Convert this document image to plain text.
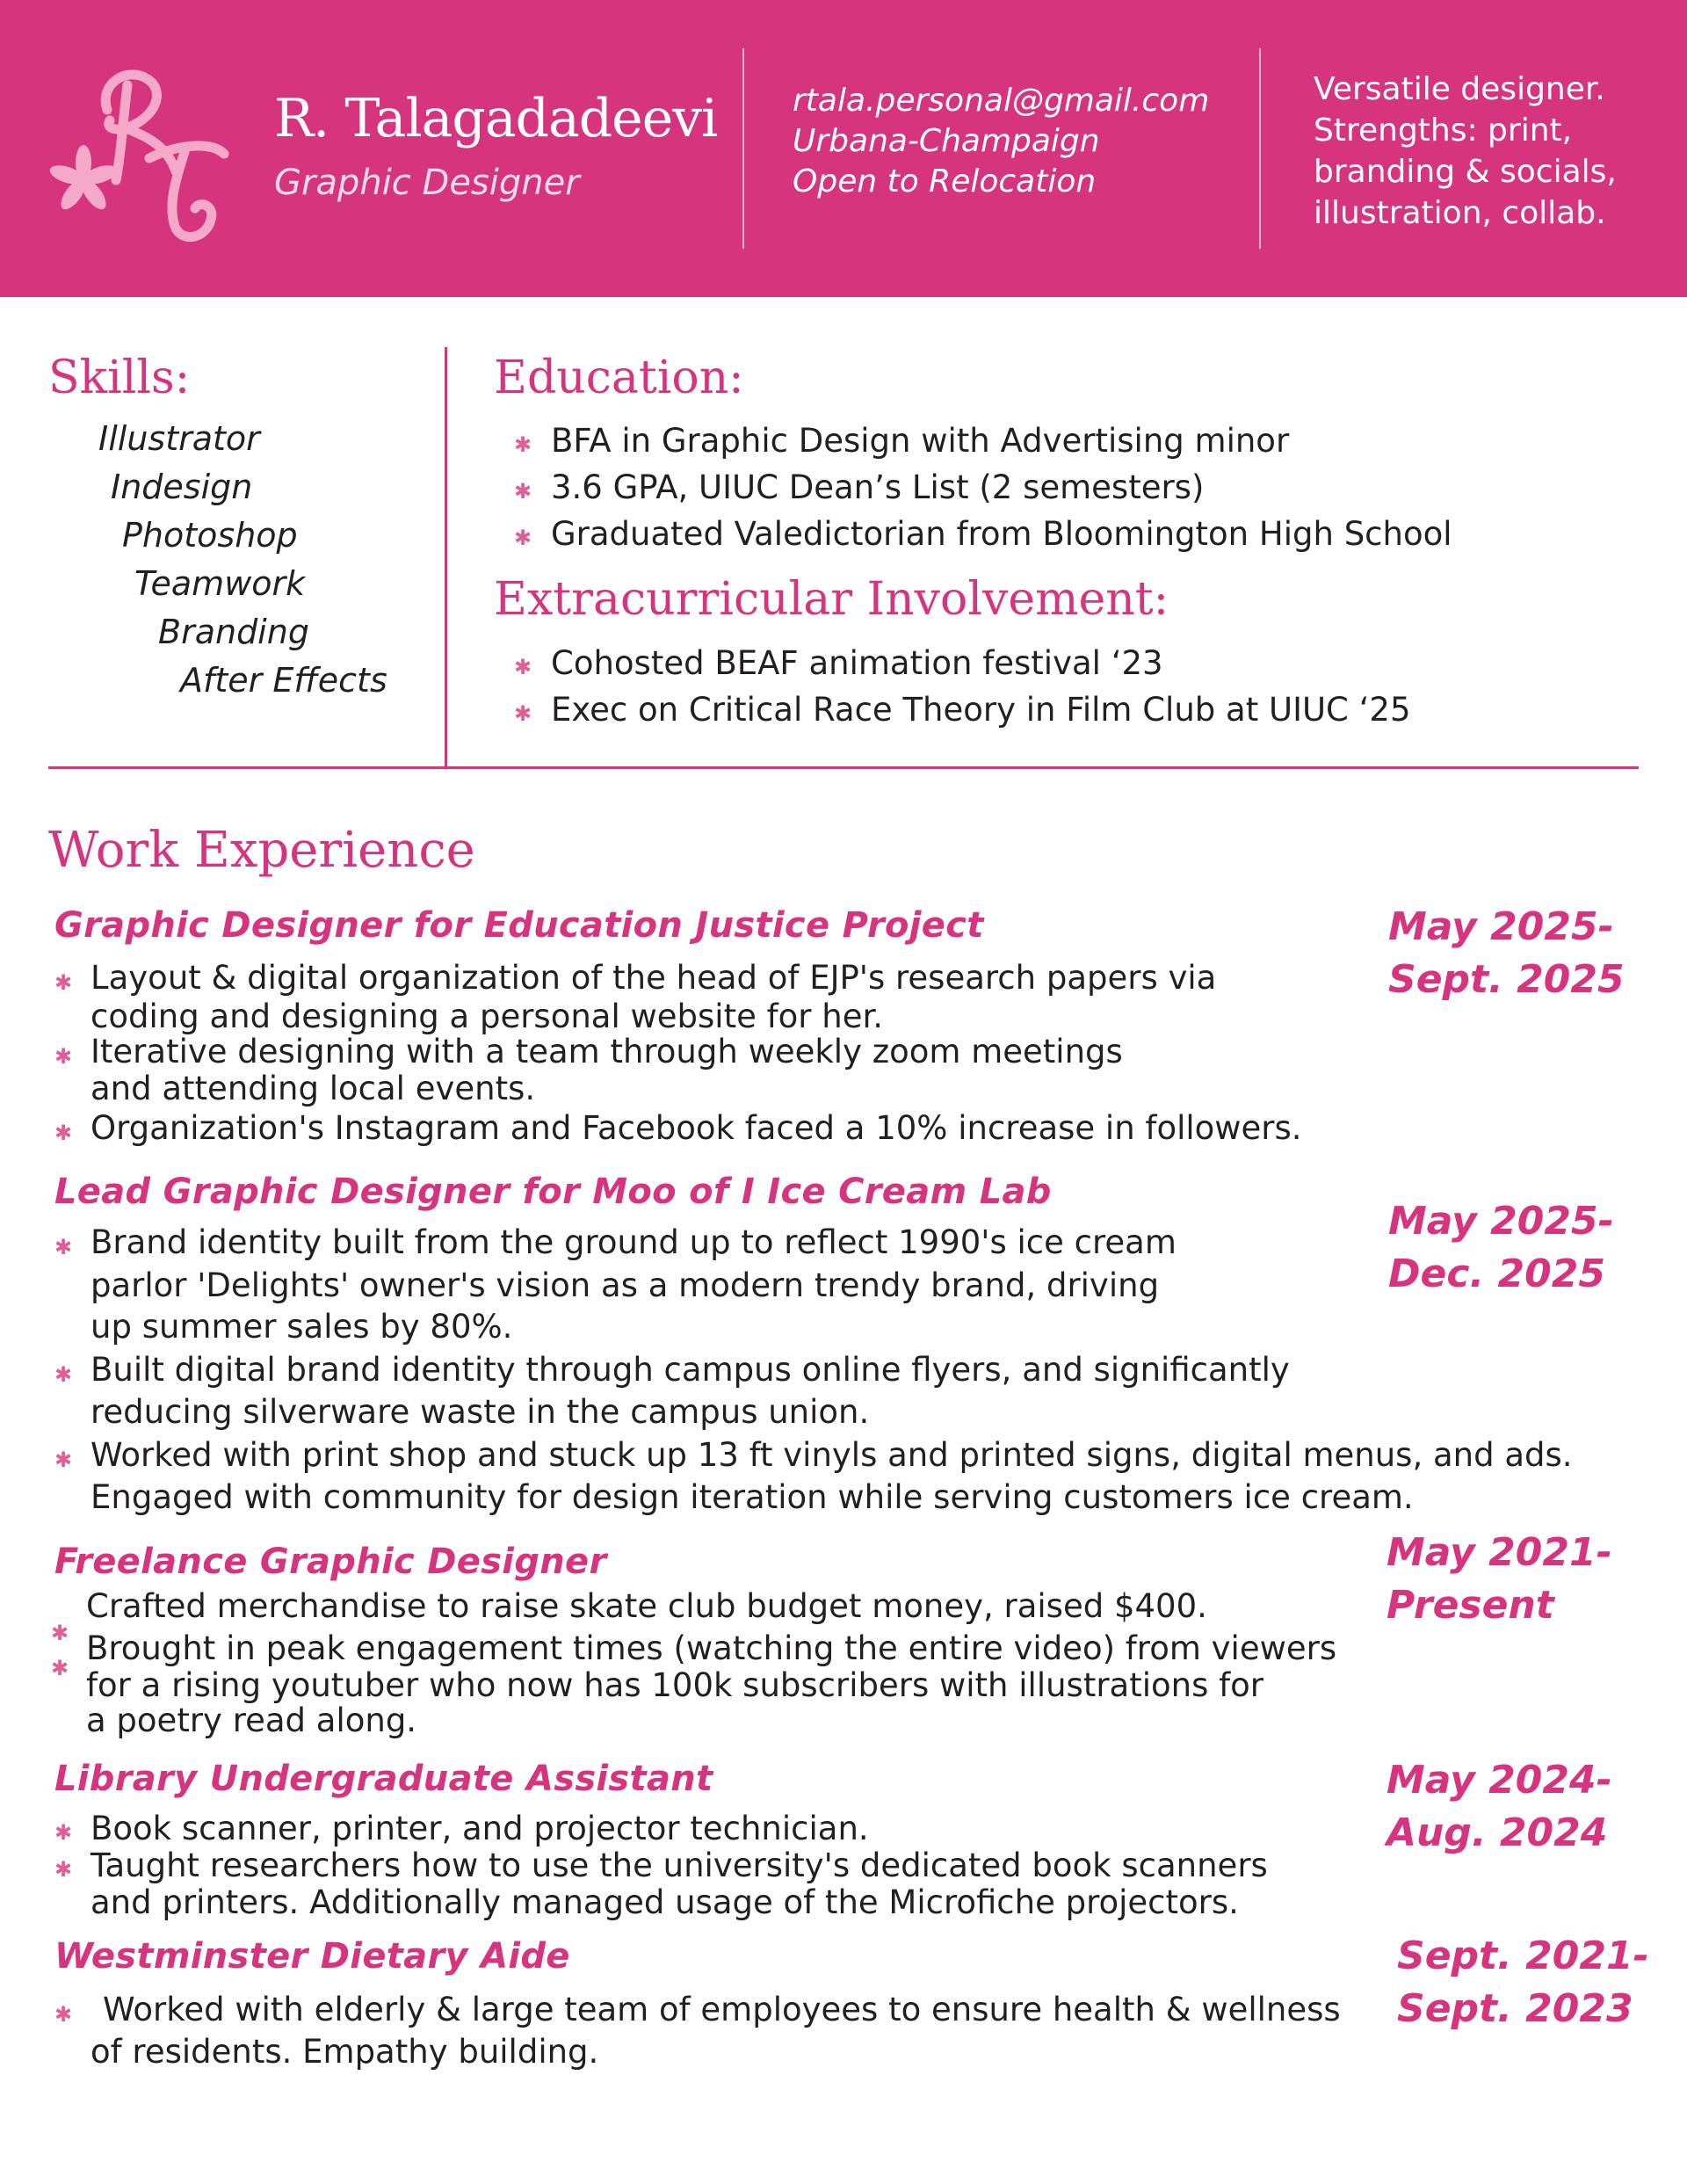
R. Talagadadeevi
Graphic Designer
rtala.personal@gmail.com
Urbana-Champaign
Open to Relocation
Versatile designer.
Strengths: print,
branding & socials,
illustration, collab.
Skills:
Illustrator
Indesign
Photoshop
Teamwork
Branding
After Effects
Education:
✱ BFA in Graphic Design with Advertising minor
✱ 3.6 GPA, UIUC Dean’s List (2 semesters)
✱ Graduated Valedictorian from Bloomington High School
Extracurricular Involvement:
✱ Cohosted BEAF animation festival ‘23
✱ Exec on Critical Race Theory in Film Club at UIUC ‘25
Work Experience
Graphic Designer for Education Justice Project	May 2025-
Sept. 2025
✱ Layout & digital organization of the head of EJP's research papers via
coding and designing a personal website for her.
✱ Iterative designing with a team through weekly zoom meetings
and attending local events.
✱ Organization's Instagram and Facebook faced a 10% increase in followers.
Lead Graphic Designer for Moo of I Ice Cream Lab
May 2025-
Dec. 2025
✱ Brand identity built from the ground up to reflect 1990's ice cream
parlor 'Delights' owner's vision as a modern trendy brand, driving
up summer sales by 80%.
✱ Built digital brand identity through campus online flyers, and significantly
reducing silverware waste in the campus union.
✱ Worked with print shop and stuck up 13 ft vinyls and printed signs, digital menus, and ads.
Engaged with community for design iteration while serving customers ice cream.
Freelance Graphic Designer	May 2021-
Present
✱
✱
Crafted merchandise to raise skate club budget money, raised $400.
Brought in peak engagement times (watching the entire video) from viewers
for a rising youtuber who now has 100k subscribers with illustrations for
a poetry read along.
Library Undergraduate Assistant	May 2024-
Aug. 2024
✱ Book scanner, printer, and projector technician.
✱ Taught researchers how to use the university's dedicated book scanners
and printers. Additionally managed usage of the Microfiche projectors.
Westminster Dietary Aide	Sept. 2021-
Sept. 2023
✱ Worked with elderly & large team of employees to ensure health & wellness
of residents. Empathy building.
